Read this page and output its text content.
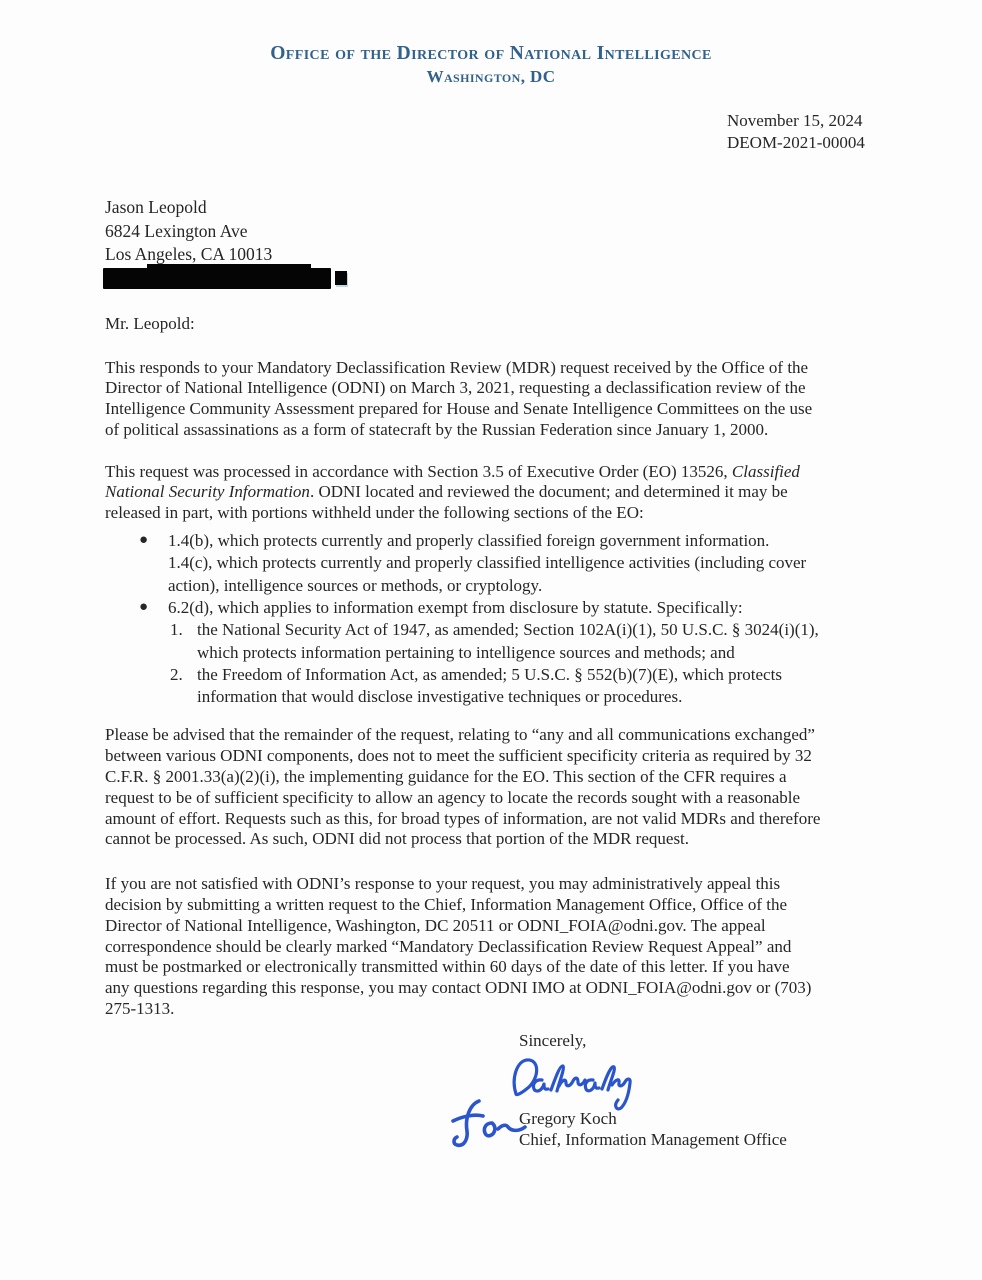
Office of the Director of National Intelligence
Washington, DC
November 15, 2024
DEOM-2021-00004
Jason Leopold
6824 Lexington Ave
Los Angeles, CA 10013

Mr. Leopold:

This responds to your Mandatory Declassification Review (MDR) request received by the Office of the
Director of National Intelligence (ODNI) on March 3, 2021, requesting a declassification review of the
Intelligence Community Assessment prepared for House and Senate Intelligence Committees on the use
of political assassinations as a form of statecraft by the Russian Federation since January 1, 2000.

This request was processed in accordance with Section 3.5 of Executive Order (EO) 13526, Classified
National Security Information. ODNI located and reviewed the document; and determined it may be
released in part, with portions withheld under the following sections of the EO:

● 1.4(b), which protects currently and properly classified foreign government information.
1.4(c), which protects currently and properly classified intelligence activities (including cover
action), intelligence sources or methods, or cryptology.
● 6.2(d), which applies to information exempt from disclosure by statute. Specifically:
1. the National Security Act of 1947, as amended; Section 102A(i)(1), 50 U.S.C. § 3024(i)(1),
which protects information pertaining to intelligence sources and methods; and
2. the Freedom of Information Act, as amended; 5 U.S.C. § 552(b)(7)(E), which protects
information that would disclose investigative techniques or procedures.

Please be advised that the remainder of the request, relating to “any and all communications exchanged”
between various ODNI components, does not to meet the sufficient specificity criteria as required by 32
C.F.R. § 2001.33(a)(2)(i), the implementing guidance for the EO. This section of the CFR requires a
request to be of sufficient specificity to allow an agency to locate the records sought with a reasonable
amount of effort. Requests such as this, for broad types of information, are not valid MDRs and therefore
cannot be processed. As such, ODNI did not process that portion of the MDR request.

If you are not satisfied with ODNI’s response to your request, you may administratively appeal this
decision by submitting a written request to the Chief, Information Management Office, Office of the
Director of National Intelligence, Washington, DC 20511 or ODNI_FOIA@odni.gov. The appeal
correspondence should be clearly marked “Mandatory Declassification Review Request Appeal” and
must be postmarked or electronically transmitted within 60 days of the date of this letter. If you have
any questions regarding this response, you may contact ODNI IMO at ODNI_FOIA@odni.gov or (703)
275-1313.

Sincerely,
Gregory Koch
Chief, Information Management Office
